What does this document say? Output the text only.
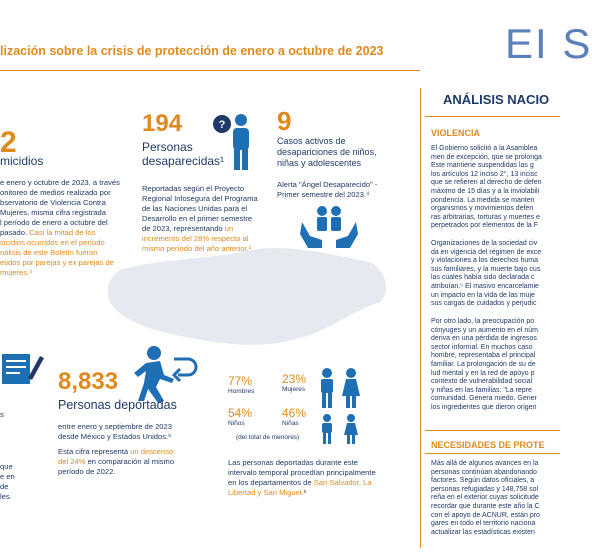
lización sobre la crisis de protección de enero a octubre de 2023	EI S
2
micidios
e enero y octubre de 2023, a través
onitoreo de medios realizado por
bservatorio de Violencia Contra
Mujeres, misma cifra registrada
l período de enero a octubre del
pasado. Casi la mitad de los
sicidios ocurridos en el período
nálisis de este Boletín fueron
etidos por parejas y ex parejas de
mujeres.⁴
194
Personas
desaparecidas¹
?
Reportadas según el Proyecto
Regional Infosegura del Programa
de las Naciones Unidas para el
Desarrollo en el primer semestre
de 2023, representando un
incremento del 28% respecto al
mismo período del año anterior.²
9
Casos activos de
desapariciones de niños,
niñas y adolescentes
Alerta "Ángel Desaparecido" -
Primer semestre del 2023.⁴
s
que
e en
de
les.
8,833
Personas deportadas
entre enero y septiembre de 2023
desde México y Estados Unidos.⁶
Esta cifra representa un descenso
del 24% en comparación al mismo
período de 2022.
77%
Hombres
23%
Mujeres
54%
Niños
46%
Niñas
(del total de menores)
Las personas deportadas durante este
intervalo temporal procedían principalmente
en los departamentos de San Salvador, La
Libertad y San Miguel.⁶
ANÁLISIS NACIO
VIOLENCIA
El Gobierno solicitó a la Asamblea
men de excepción, que se prolonga
Este mantiene suspendidas las g
los artículos 12 inciso 2°, 13 incisc
que se refieren al derecho de defen
máximo de 15 días y a la inviolabili
pondencia. La medida se manten
organismos y movimientos defen
ras arbitrarias, torturas y muertes e
perpetrados por elementos de la F
Organizaciones de la sociedad civ
da en vigencia del régimen de exce
y violaciones a los derechos huma
sus familiares, y la muerte bajo cus
las cuales había sido declarada c
atribuían.⁵ El masivo encarcelamie
un impacto en la vida de las muje
sus cargas de cuidados y perjudic
Por otro lado, la preocupación po
cónyuges y un aumento en el núm
deriva en una pérdida de ingresos
sector informal. En muchos caso
hombre, representaba el principal
familiar. La prolongación de su de
lud mental y en la red de apoyo p
contexto de vulnerabilidad social
y niñas en las familias: "La repre
comunidad. Genera miedo. Gener
los ingredientes que dieron origen
NECESIDADES DE PROTE
Más allá de algunos avances en la
personas continúan abandonando
factores. Según datos oficiales, a
personas refugiadas y 148,758 sol
reña en el exterior cuyas solicitude
recordar que durante este año la C
con el apoyo de ACNUR, están pro
gares en todo el territorio naciona
actualizar las estadísticas existen
